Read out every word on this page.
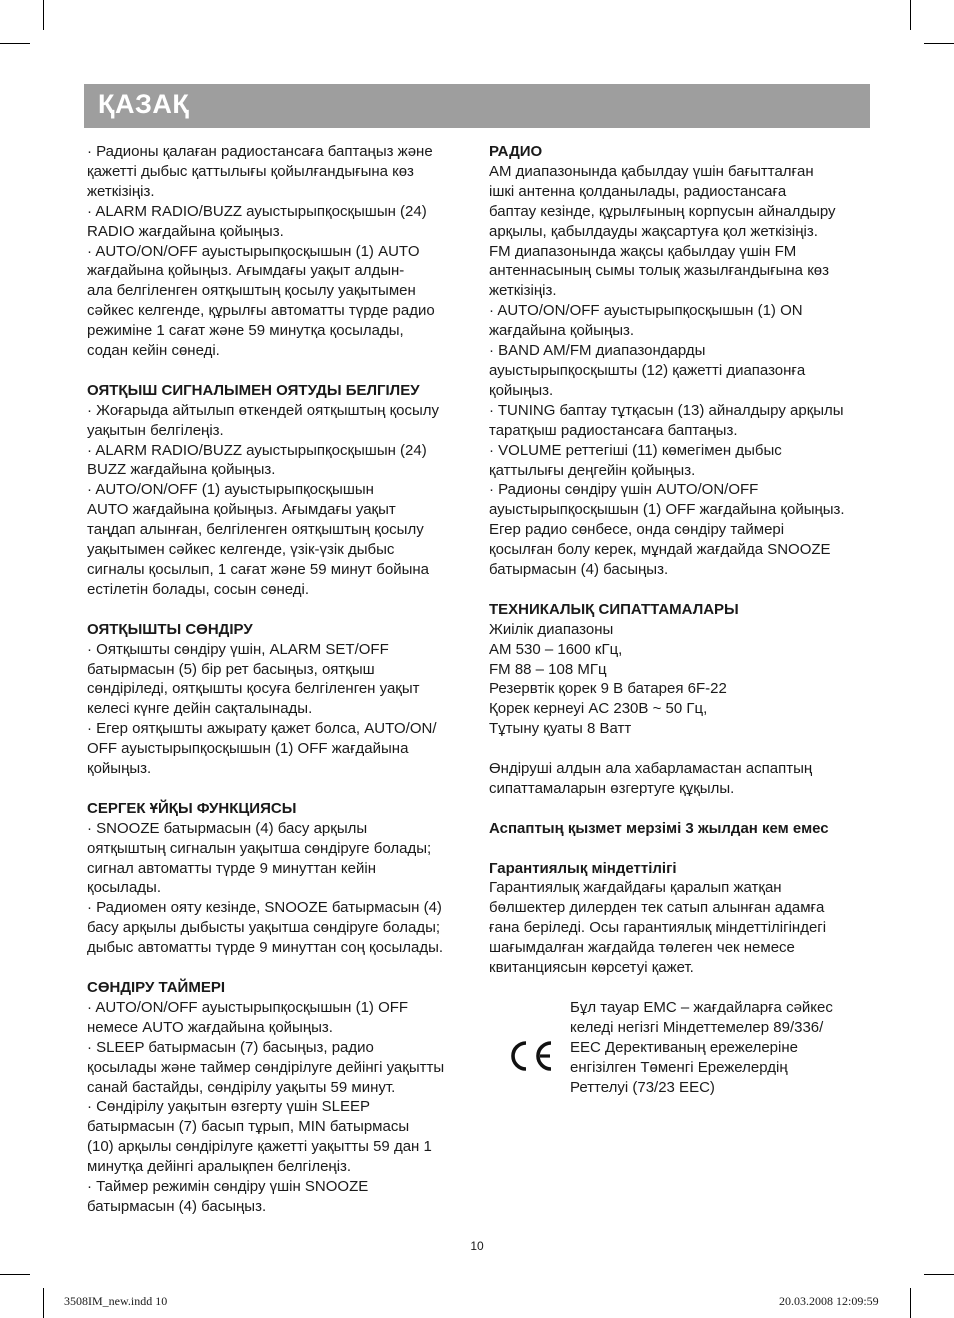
ҚАЗАҚ

· Радионы қалаған радиостансаға баптаңыз және

қажетті дыбыс қаттылығы қойылғандығына көз

жеткізіңіз.

· ALARM RADIO/BUZZ ауыстырыпқосқышын (24)

RADIO жағдайына қойыңыз.

· AUTO/ON/OFF ауыстырыпқосқышын (1) AUTO

жағдайына қойыңыз. Ағымдағы уақыт алдын-

ала белгіленген оятқыштың қосылу уақытымен

сәйкес келгенде, құрылғы автоматты түрде радио

режиміне 1 сағат және 59 минутқа қосылады,

содан кейін сөнеді.

ОЯТҚЫШ СИГНАЛЫМЕН ОЯТУДЫ БЕЛГІЛЕУ

· Жоғарыда айтылып өткендей оятқыштың қосылу

уақытын белгілеңіз.

· ALARM RADIO/BUZZ ауыстырыпқосқышын (24)

BUZZ жағдайына қойыңыз.

· AUTO/ON/OFF (1) ауыстырыпқосқышын

AUTO жағдайына қойыңыз. Ағымдағы уақыт

таңдап алынған, белгіленген оятқыштың қосылу

уақытымен сәйкес келгенде, үзік-үзік дыбыс

сигналы қосылып, 1 сағат және 59 минут бойына

естілетін болады, сосын сөнеді.

ОЯТҚЫШТЫ СӨНДІРУ

· Оятқышты сөндіру үшін, ALARM SET/OFF

батырмасын (5) бір рет басыңыз, оятқыш

сөндіріледі, оятқышты қосуға белгіленген уақыт

келесі күнге дейін сақталынады.

· Егер оятқышты ажырату қажет болса, AUTO/ON/

OFF ауыстырыпқосқышын (1) OFF жағдайына

қойыңыз.

СЕРГЕК ҰЙҚЫ ФУНКЦИЯСЫ

· SNOOZE батырмасын (4) басу арқылы

оятқыштың сигналын уақытша сөндіруге болады;

сигнал автоматты түрде 9 минуттан кейін

қосылады.

· Радиомен ояту кезінде, SNOOZE батырмасын (4)

басу арқылы дыбысты уақытша сөндіруге болады;

дыбыс автоматты түрде 9 минуттан соң қосылады.

СӨНДІРУ ТАЙМЕРІ

· AUTO/ON/OFF ауыстырыпқосқышын (1) OFF

немесе AUTO жағдайына қойыңыз.

· SLEEP батырмасын (7) басыңыз, радио

қосылады және таймер сөндірілуге дейінгі уақытты

санай бастайды, сөндірілу уақыты 59 минут.

· Сөндірілу уақытын өзгерту үшін SLEEP

батырмасын (7) басып тұрып, MIN батырмасы

(10) арқылы сөндірілуге қажетті уақытты 59 дан 1

минутқа дейінгі аралықпен белгілеңіз.

· Таймер режимін сөндіру үшін SNOOZE

батырмасын (4) басыңыз.

РАДИО

AM диапазонында қабылдау үшін бағытталған

ішкі антенна қолданылады, радиостансаға

баптау кезінде, құрылғының корпусын айналдыру

арқылы, қабылдауды жақсартуға қол жеткізіңіз.

FM диапазонында жақсы қабылдау үшін FM

антеннасының сымы толық жазылғандығына көз

жеткізіңіз.

· AUTO/ON/OFF ауыстырыпқосқышын (1) ON

жағдайына қойыңыз.

· BAND AM/FM диапазондарды

ауыстырыпқосқышты (12) қажетті диапазонға

қойыңыз.

· TUNING баптау тұтқасын (13) айналдыру арқылы

таратқыш радиостансаға баптаңыз.

· VOLUME реттегіші (11) көмегімен дыбыс

қаттылығы деңгейін қойыңыз.

· Радионы сөндіру үшін AUTO/ON/OFF

ауыстырыпқосқышын (1) OFF жағдайына қойыңыз.

Егер радио сөнбесе, онда сөндіру таймері

қосылған болу керек, мұндай жағдайда SNOOZE

батырмасын (4) басыңыз.

ТЕХНИКАЛЫҚ СИПАТТАМАЛАРЫ

Жиілік диапазоны

AM 530 – 1600 кГц,

FM 88 – 108 МГц

Резервтік қорек 9 В батарея 6F-22

Қорек кернеуі AC 230В ~ 50 Гц,

Тұтыну қуаты 8 Ватт

Өндіруші алдын ала хабарламастан аспаптың

сипаттамаларын өзгертуге құқылы.

Аспаптың қызмет мерзімі 3 жылдан кем емес

Гарантиялық міндеттілігі

Гарантиялық жағдайдағы қаралып жатқан

бөлшектер дилерден тек сатып алынған адамға

ғана беріледі. Осы гарантиялық міндеттілігіндегі

шағымдалған жағдайда төлеген чек немесе

квитанциясын көрсетуі қажет.

Бұл тауар ЕМС – жағдайларға сәйкес

келеді негізгі Міндеттемелер 89/336/

ЕЕС Дерективаның ережелеріне

енгізілген Төменгі Ережелердің

Реттелуі (73/23 ЕЕС)

10
3508IM_new.indd 10	20.03.2008 12:09:59
